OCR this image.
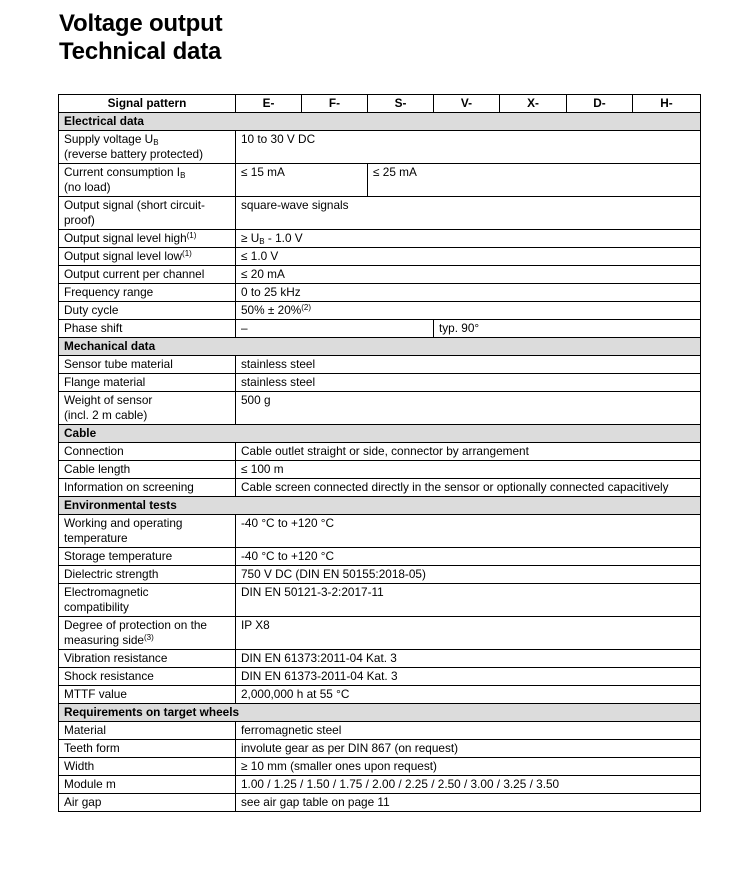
Voltage output
Technical data
Signal pattern	E-	F-	S-	V-	X-	D-	H-
Electrical data							
Supply voltage $U_B$
(reverse battery protected)	10 to 30 V DC						
Current consumption $I_B$
(no load)	≤ 15 mA		≤ 25 mA				
Output signal (short circuit-
proof)	square-wave signals						
Output signal level high$^{(1)}$	≥ $U_B - 1.0$ V						
Output signal level low$^{(1)}$	≤ 1.0 V						
Output current per channel	≤ 20 mA						
Frequency range	0 to 25 kHz						
Duty cycle	50% ± 20%$^{(2)}$
Phase shift	–			typ. 90°			
Mechanical data							
Sensor tube material	stainless steel						
Flange material	stainless steel						
Weight of sensor
(incl. 2 m cable)	500 g						
Cable							
Connection	Cable outlet straight or side, connector by arrangement						
Cable length	≤ 100 m						
Information on screening	Cable screen connected directly in the sensor or optionally connected capacitively						
Environmental tests							
Working and operating
temperature	-40 °C to +120 °C						
Storage temperature	-40 °C to +120 °C						
Dielectric strength	750 V DC (DIN EN 50155:2018-05)						
Electromagnetic
compatibility	DIN EN 50121-3-2:2017-11						
Degree of protection on the
measuring side$^{(3)}$	IP X8						
Vibration resistance	DIN EN 61373:2011-04 Kat. 3						
Shock resistance	DIN EN 61373-2011-04 Kat. 3						
MTTF value	2,000,000 h at 55 °C						
Requirements on target wheels							
Material	ferromagnetic steel						
Teeth form	involute gear as per DIN 867 (on request)						
Width	≥ 10 mm (smaller ones upon request)						
Module m	1.00 / 1.25 / 1.50 / 1.75 / 2.00 / 2.25 / 2.50 / 3.00 / 3.25 / 3.50						
Air gap	see air gap table on page 11						
